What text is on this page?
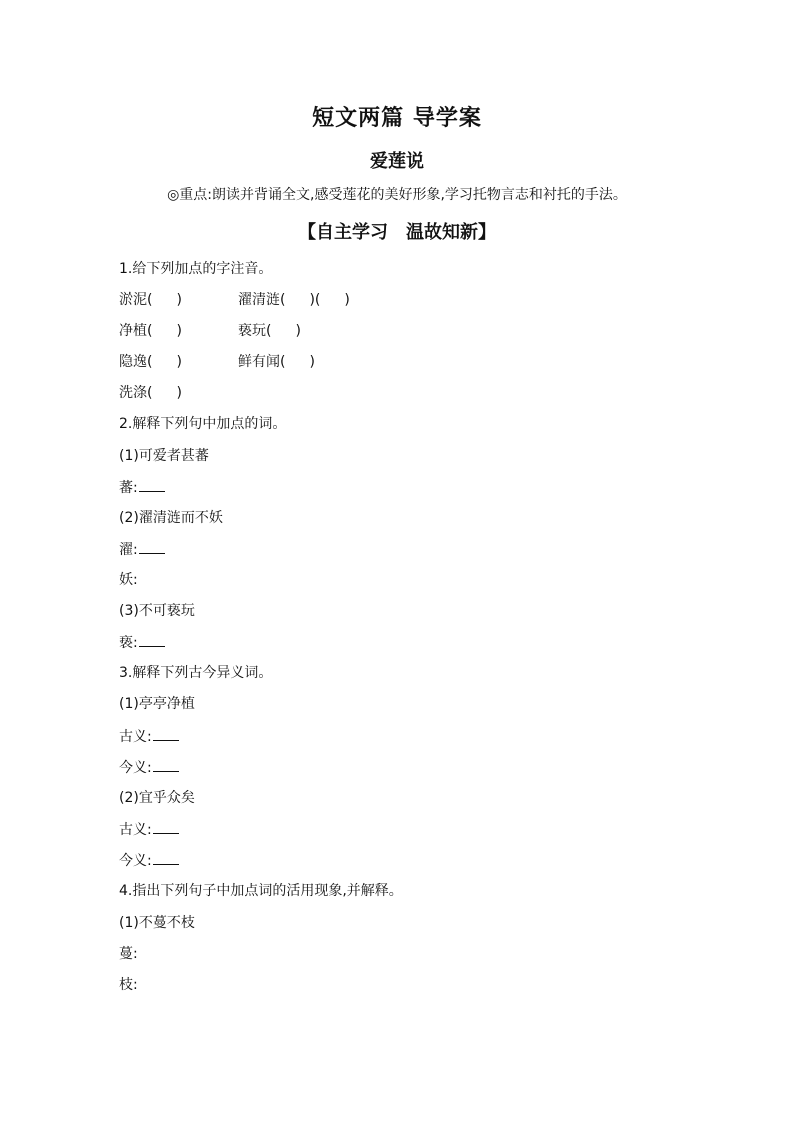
短文两篇 导学案
爱莲说
◎重点:朗读并背诵全文,感受莲花的美好形象,学习托物言志和衬托的手法。
【自主学习 温故知新】
1.给下列加点的字注音。
淤泥( )	濯清涟( )( )
净植( )	亵玩( )
隐逸( )	鲜有闻( )
洗涤( )
2.解释下列句中加点的词。
(1)可爱者甚蕃
蕃:
(2)濯清涟而不妖
濯:
妖:
(3)不可亵玩
亵:
3.解释下列古今异义词。
(1)亭亭净植
古义:
今义:
(2)宜乎众矣
古义:
今义:
4.指出下列句子中加点词的活用现象,并解释。
(1)不蔓不枝
蔓:
枝:
